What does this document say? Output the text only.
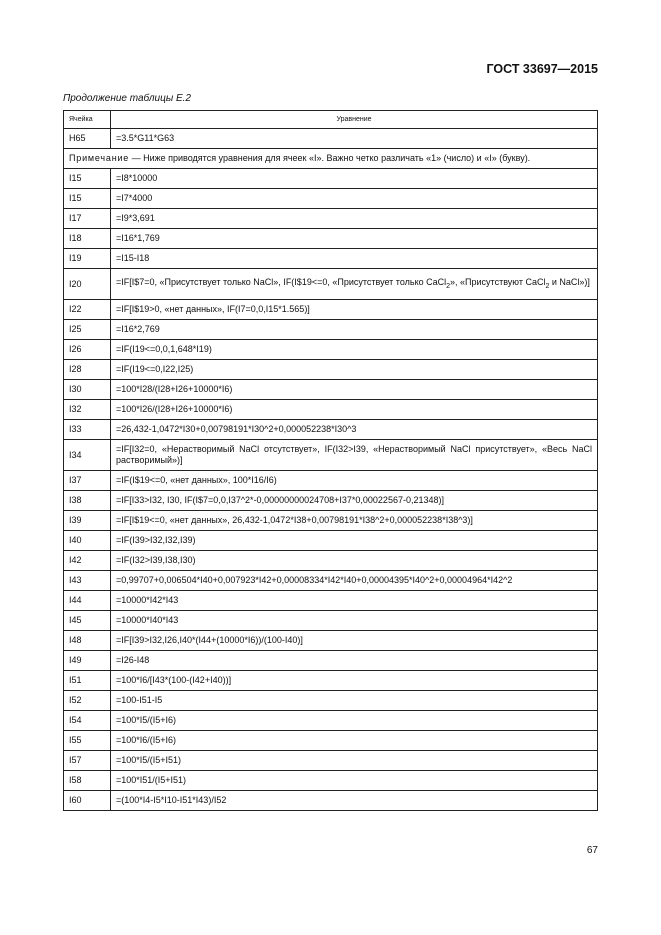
ГОСТ 33697—2015
Продолжение таблицы Е.2
Ячейка	Уравнение
H65	=3.5*G11*G63
Примечание — Ниже приводятся уравнения для ячеек «I». Важно четко различать «1» (число) и «I» (букву).	
I15	=I8*10000
I15	=I7*4000
I17	=I9*3,691
I18	=I16*1,769
I19	=I15-I18
I20	=IF[I$7=0, «Присутствует только NaCl», IF(I$19<=0, «Присутствует только CaCl$_2$», «Присутствуют CaCl$_2$ и NaCl»)]
I22	=IF[I$19>0, «нет данных», IF(I7=0,0,I15*1.565)]
I25	=I16*2,769
I26	=IF(I19<=0,0,1,648*I19)
I28	=IF(I19<=0,I22,I25)
I30	=100*I28/(I28+I26+10000*I6)
I32	=100*I26/(I28+I26+10000*I6)
I33	=26,432-1,0472*I30+0,00798191*I30^2+0,000052238*I30^3
I34	=IF[I32=0, «Нерастворимый NaCl отсутствует», IF(I32>I39, «Нерастворимый NaCl присутствует», «Весь NaCl растворимый»)]
I37	=IF(I$19<=0, «нет данных», 100*I16/I6)
I38	=IF[I33>I32, I30, IF(I$7=0,0,I37^2*-0,00000000024708+I37*0,00022567-0,21348)]
I39	=IF[I$19<=0, «нет данных», 26,432-1,0472*I38+0,00798191*I38^2+0,000052238*I38^3)]
I40	=IF(I39>I32,I32,I39)
I42	=IF(I32>I39,I38,I30)
I43	=0,99707+0,006504*I40+0,007923*I42+0,00008334*I42*I40+0,00004395*I40^2+0,00004964*I42^2
I44	=10000*I42*I43
I45	=10000*I40*I43
I48	=IF[I39>I32,I26,I40*(I44+(10000*I6))/(100-I40)]
I49	=I26-I48
I51	=100*I6/[I43*(100-(I42+I40))]
I52	=100-I51-I5
I54	=100*I5/(I5+I6)
I55	=100*I6/(I5+I6)
I57	=100*I5/(I5+I51)
I58	=100*I51/(I5+I51)
I60	=(100*I4-I5*I10-I51*I43)/I52
67
